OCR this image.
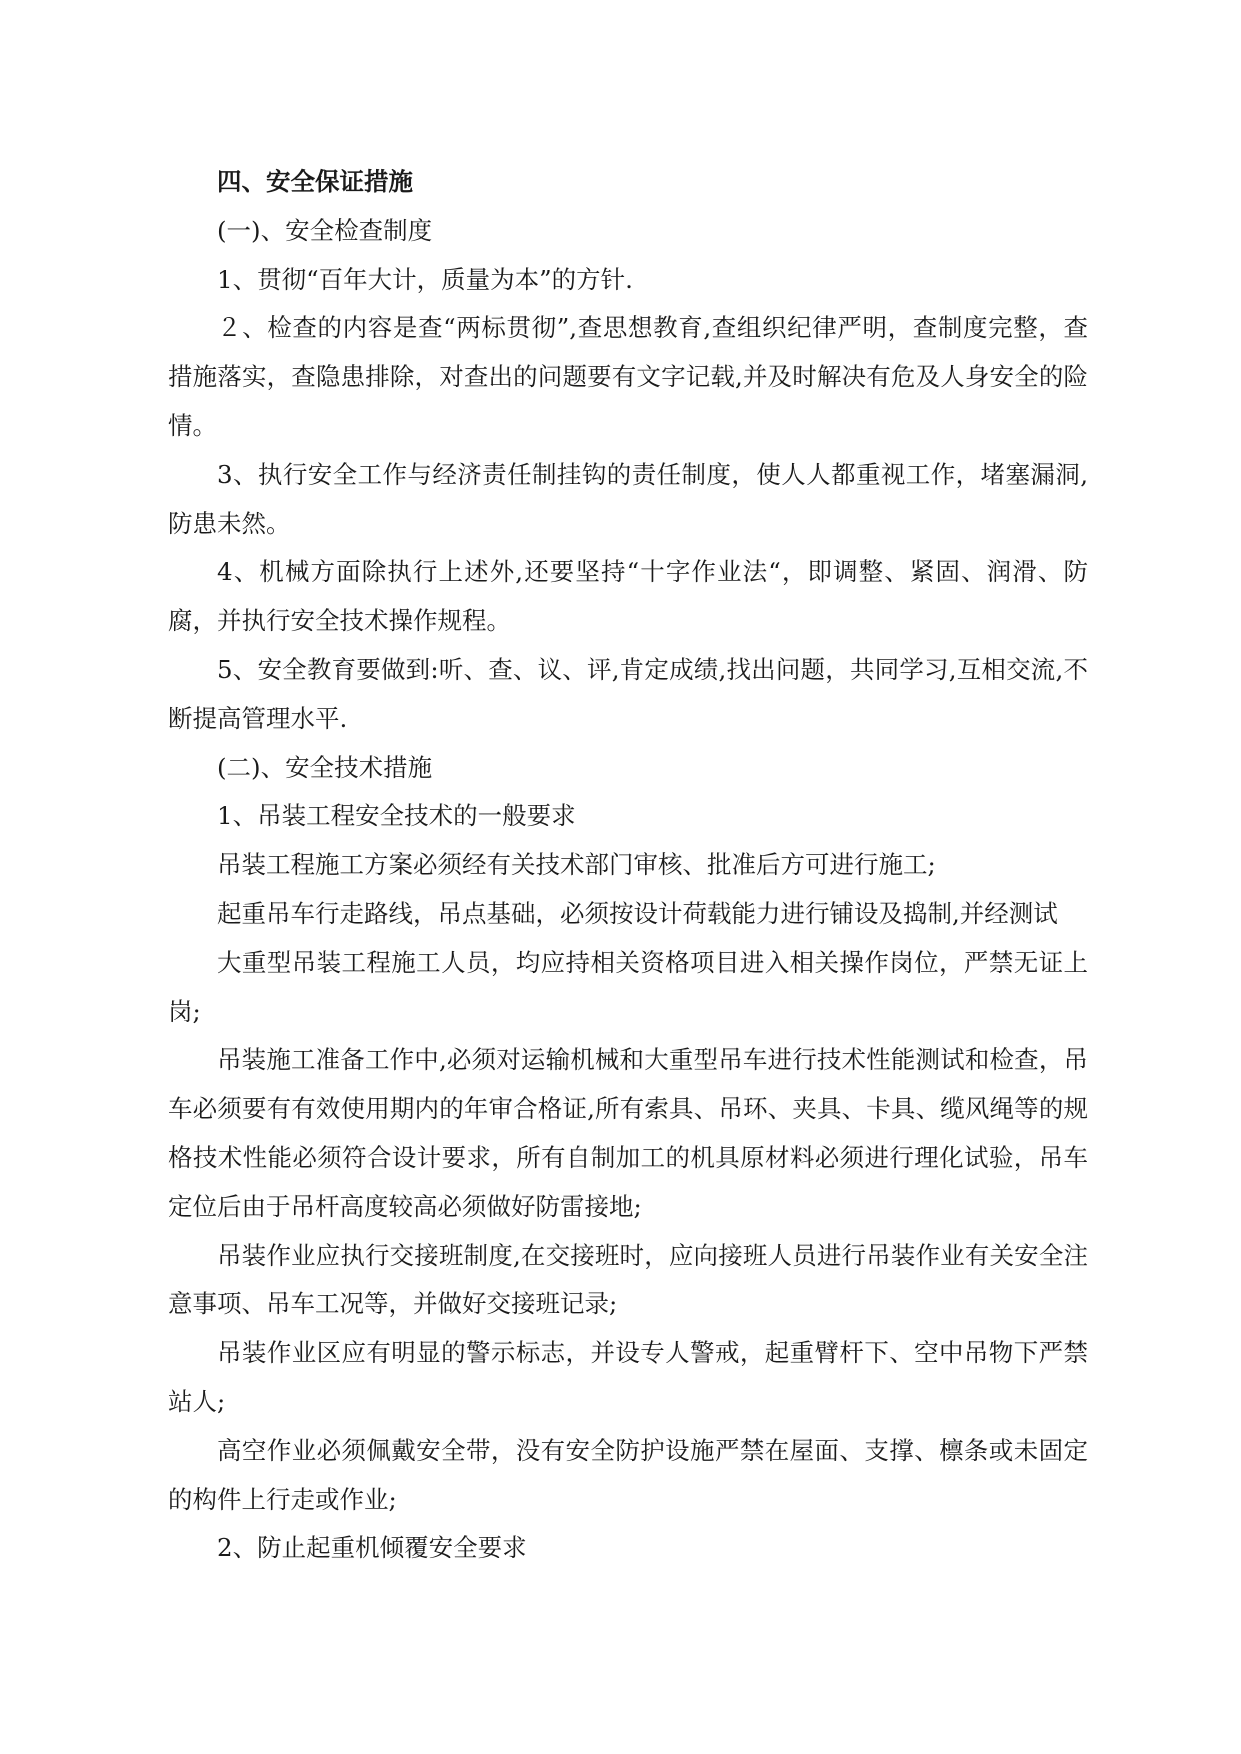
四、安全保证措施

(一)、安全检查制度

1、贯彻“百年大计，质量为本”的方针.

２、检查的内容是查“两标贯彻”,查思想教育,查组织纪律严明，查制度完整，查措施落实，查隐患排除，对查出的问题要有文字记载,并及时解决有危及人身安全的险情。

3、执行安全工作与经济责任制挂钩的责任制度，使人人都重视工作，堵塞漏洞,防患未然。

4、机械方面除执行上述外,还要坚持“十字作业法“，即调整、紧固、润滑、防腐，并执行安全技术操作规程。

5、安全教育要做到:听、查、议、评,肯定成绩,找出问题，共同学习,互相交流,不断提高管理水平.

(二)、安全技术措施

1、吊装工程安全技术的一般要求

吊装工程施工方案必须经有关技术部门审核、批准后方可进行施工;

起重吊车行走路线，吊点基础，必须按设计荷载能力进行铺设及捣制,并经测试

大重型吊装工程施工人员，均应持相关资格项目进入相关操作岗位，严禁无证上岗;

吊装施工准备工作中,必须对运输机械和大重型吊车进行技术性能测试和检查，吊车必须要有有效使用期内的年审合格证,所有索具、吊环、夹具、卡具、缆风绳等的规格技术性能必须符合设计要求，所有自制加工的机具原材料必须进行理化试验，吊车定位后由于吊杆高度较高必须做好防雷接地;

吊装作业应执行交接班制度,在交接班时，应向接班人员进行吊装作业有关安全注意事项、吊车工况等，并做好交接班记录;

吊装作业区应有明显的警示标志，并设专人警戒，起重臂杆下、空中吊物下严禁站人;

高空作业必须佩戴安全带，没有安全防护设施严禁在屋面、支撑、檩条或未固定的构件上行走或作业;

2、防止起重机倾覆安全要求
